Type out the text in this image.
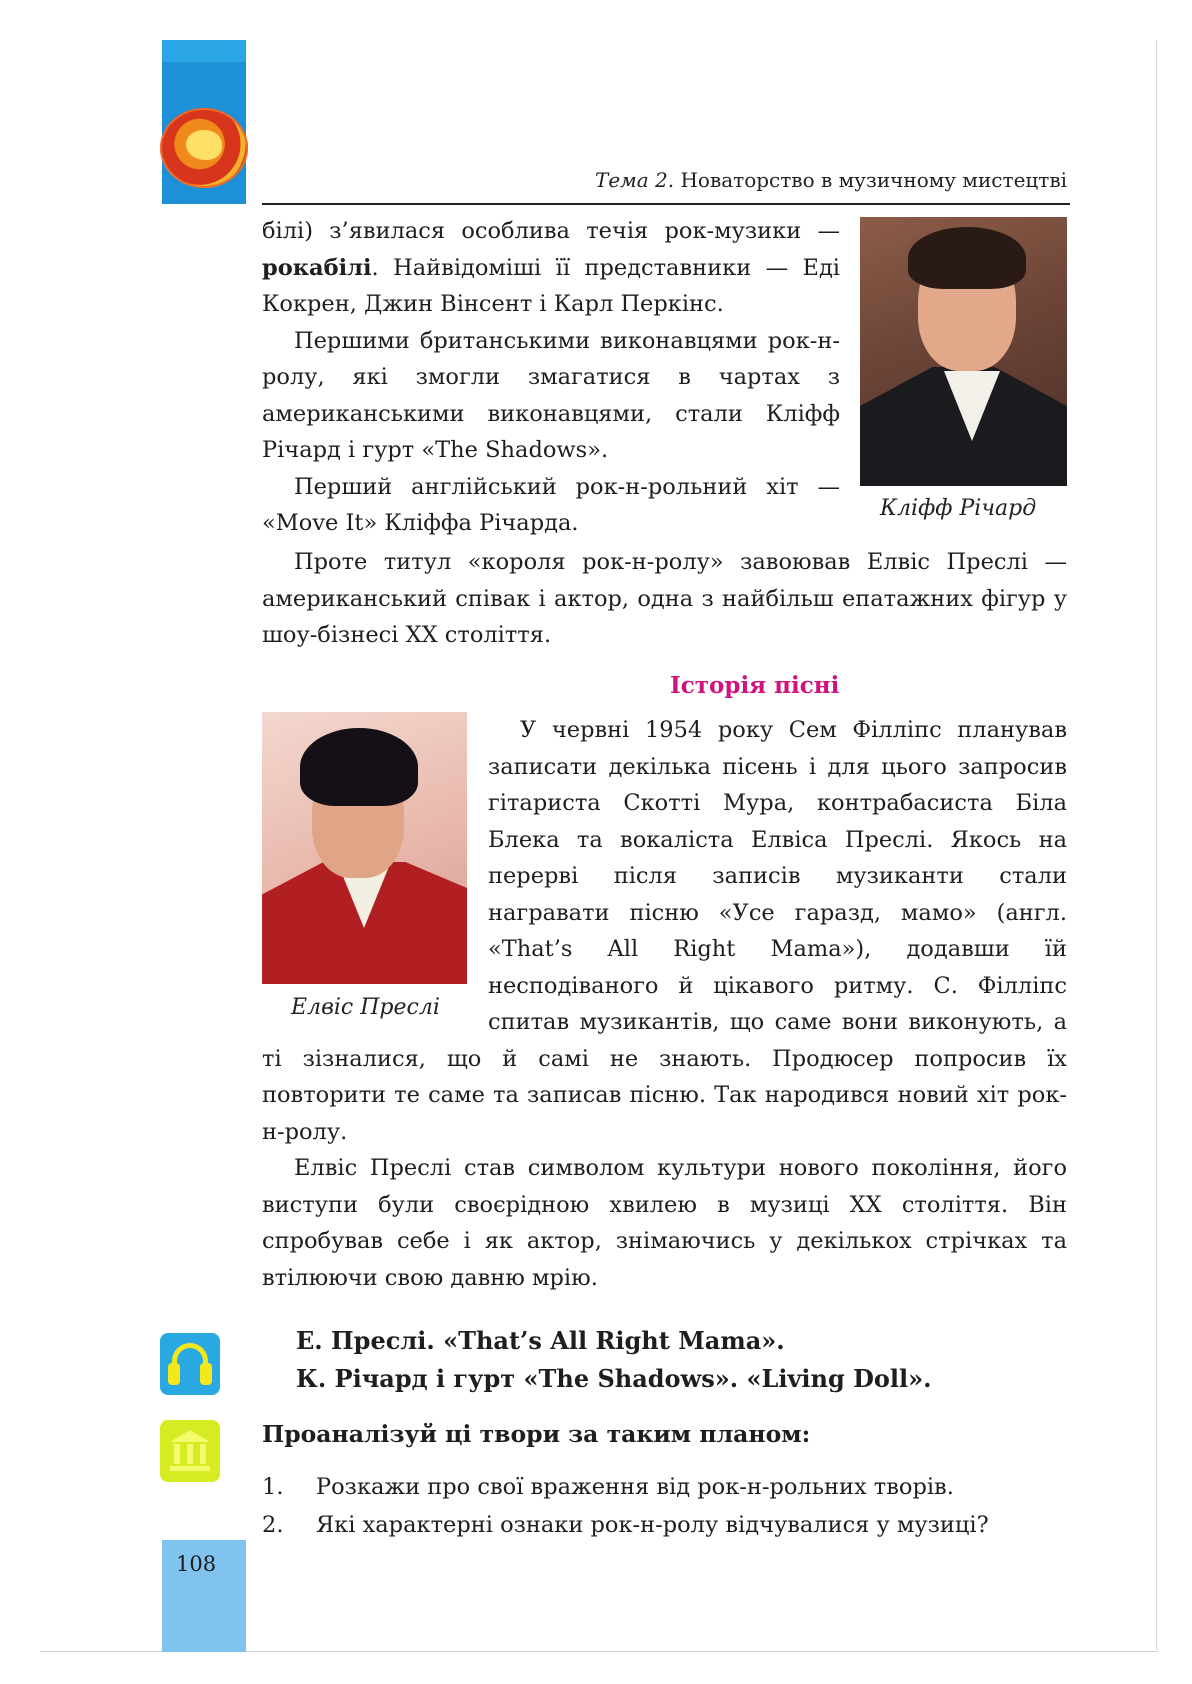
Тема 2. Новаторство в музичному мистецтві

білі) з’явилася особлива течія рок-музики — рокабілі. Найвідоміші її представники — Еді Кокрен, Джин Вінсент і Карл Перкінс.

Першими британськими виконавцями рок-н-ролу, які змогли змагатися в чартах з американськими виконавцями, стали Кліфф Річард і гурт «The Shadows».

Перший англійський рок-н-рольний хіт — «Move It» Кліффа Річарда.

Кліфф Річард

Проте титул «короля рок-н-ролу» завоював Елвіс Преслі — американський співак і актор, одна з найбільш епатажних фігур у шоу-бізнесі ХХ століття.

Історія пісні
Елвіс Преслі

У червні 1954 року Сем Філліпс планував записати декілька пісень і для цього запросив гітариста Скотті Мура, контрабасиста Біла Блека та вокаліста Елвіса Преслі. Якось на перерві після записів музиканти стали награвати пісню «Усе гаразд, мамо» (англ. «That’s All Right Mama»), додавши їй несподіваного й цікавого ритму. С. Філліпс спитав музикантів, що саме вони виконують, а ті зізналися, що й самі не знають. Продюсер попросив їх повторити те саме та записав пісню. Так народився новий хіт рок-н-ролу.

Елвіс Преслі став символом культури нового покоління, його виступи були своєрідною хвилею в музиці ХХ століття. Він спробував себе і як актор, знімаючись у декількох стрічках та втілюючи свою давню мрію.

Е. Преслі. «That’s All Right Mama».
К. Річард і гурт «The Shadows». «Living Doll».
Проаналізуй ці твори за таким планом:
1.	Розкажи про свої враження від рок-н-рольних творів.
2.	Які характерні ознаки рок-н-ролу відчувалися у музиці?
108
